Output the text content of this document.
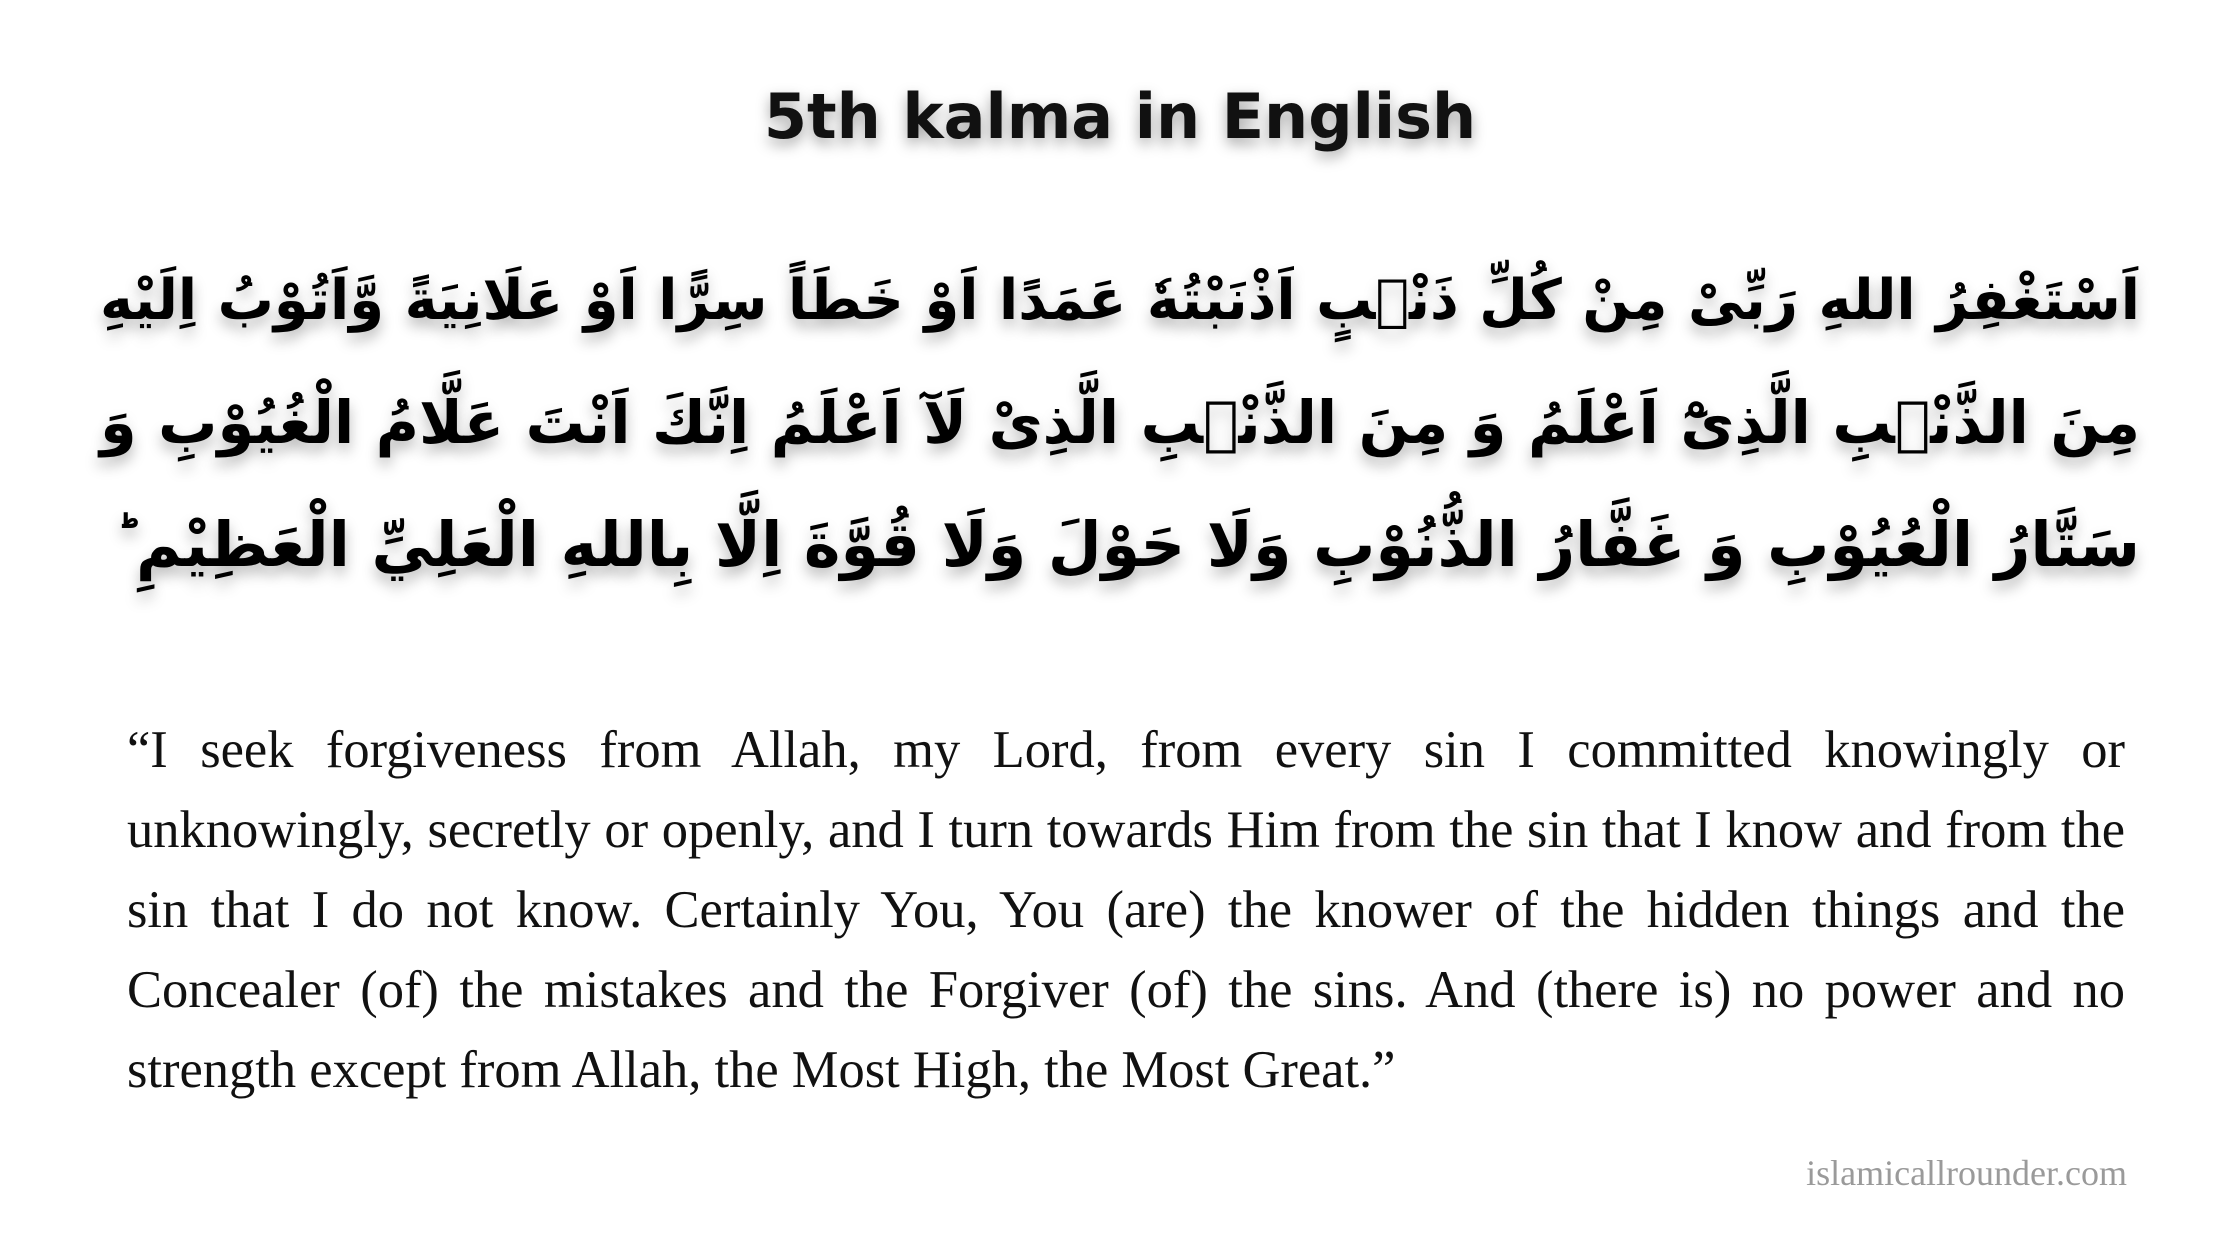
5th kalma in English
اَسْتَغْفِرُ اللهِ رَبِّىْ مِنْ كُلِّ ذَنْۢبٍ اَذْنَبْتُهٗ عَمَدًا اَوْ خَطَاً سِرًّا اَوْ عَلَانِيَةً وَّاَتُوْبُ اِلَيْهِ
مِنَ الذَّنْۢبِ الَّذِىْٓ اَعْلَمُ وَ مِنَ الذَّنْۢبِ الَّذِىْ لَآ اَعْلَمُ اِنَّكَ اَنْتَ عَلَّامُ الْغُيُوْبِ وَ
سَتَّارُ الْعُيُوْبِ وَ غَفَّارُ الذُّنُوْبِ وَلَا حَوْلَ وَلَا قُوَّةَ اِلَّا بِاللهِ الْعَلِيِّ الْعَظِيْمِ ؕ
“I seek forgiveness from Allah, my Lord, from every sin I committed knowingly or unknowingly, secretly or openly, and I turn towards Him from the sin that I know and from the sin that I do not know. Certainly You, You (are) the knower of the hidden things and the Concealer (of) the mistakes and the Forgiver (of) the sins. And (there is) no power and no strength except from Allah, the Most High, the Most Great.”
islamicallrounder.com
